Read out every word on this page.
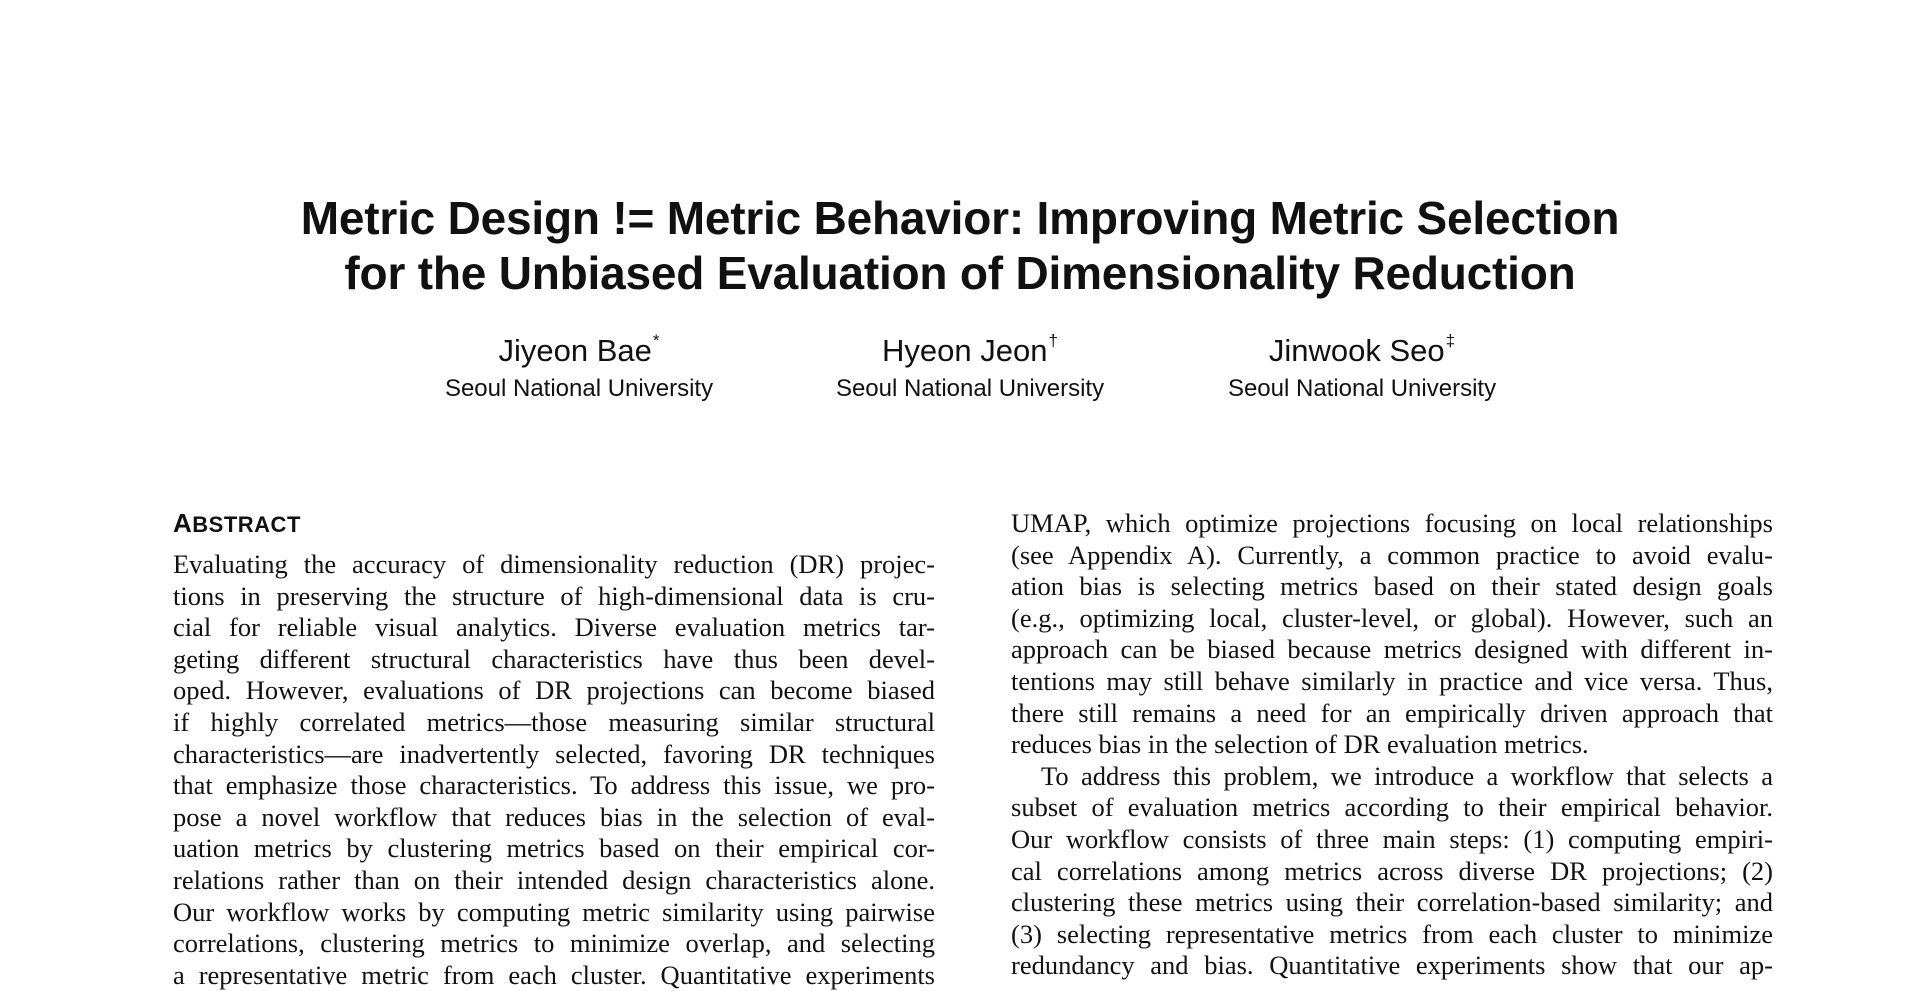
Metric Design != Metric Behavior: Improving Metric Selection
for the Unbiased Evaluation of Dimensionality Reduction
Jiyeon Bae*
Seoul National University
Hyeon Jeon†
Seoul National University
Jinwook Seo‡
Seoul National University
ABSTRACT
Evaluating the accuracy of dimensionality reduction (DR) projec-
tions in preserving the structure of high-dimensional data is cru-
cial for reliable visual analytics. Diverse evaluation metrics tar-
geting different structural characteristics have thus been devel-
oped. However, evaluations of DR projections can become biased
if highly correlated metrics—those measuring similar structural
characteristics—are inadvertently selected, favoring DR techniques
that emphasize those characteristics. To address this issue, we pro-
pose a novel workflow that reduces bias in the selection of eval-
uation metrics by clustering metrics based on their empirical cor-
relations rather than on their intended design characteristics alone.
Our workflow works by computing metric similarity using pairwise
correlations, clustering metrics to minimize overlap, and selecting
a representative metric from each cluster. Quantitative experiments
UMAP, which optimize projections focusing on local relationships
(see Appendix A). Currently, a common practice to avoid evalu-
ation bias is selecting metrics based on their stated design goals
(e.g., optimizing local, cluster-level, or global). However, such an
approach can be biased because metrics designed with different in-
tentions may still behave similarly in practice and vice versa. Thus,
there still remains a need for an empirically driven approach that
reduces bias in the selection of DR evaluation metrics.
To address this problem, we introduce a workflow that selects a
subset of evaluation metrics according to their empirical behavior.
Our workflow consists of three main steps: (1) computing empiri-
cal correlations among metrics across diverse DR projections; (2)
clustering these metrics using their correlation-based similarity; and
(3) selecting representative metrics from each cluster to minimize
redundancy and bias. Quantitative experiments show that our ap-
